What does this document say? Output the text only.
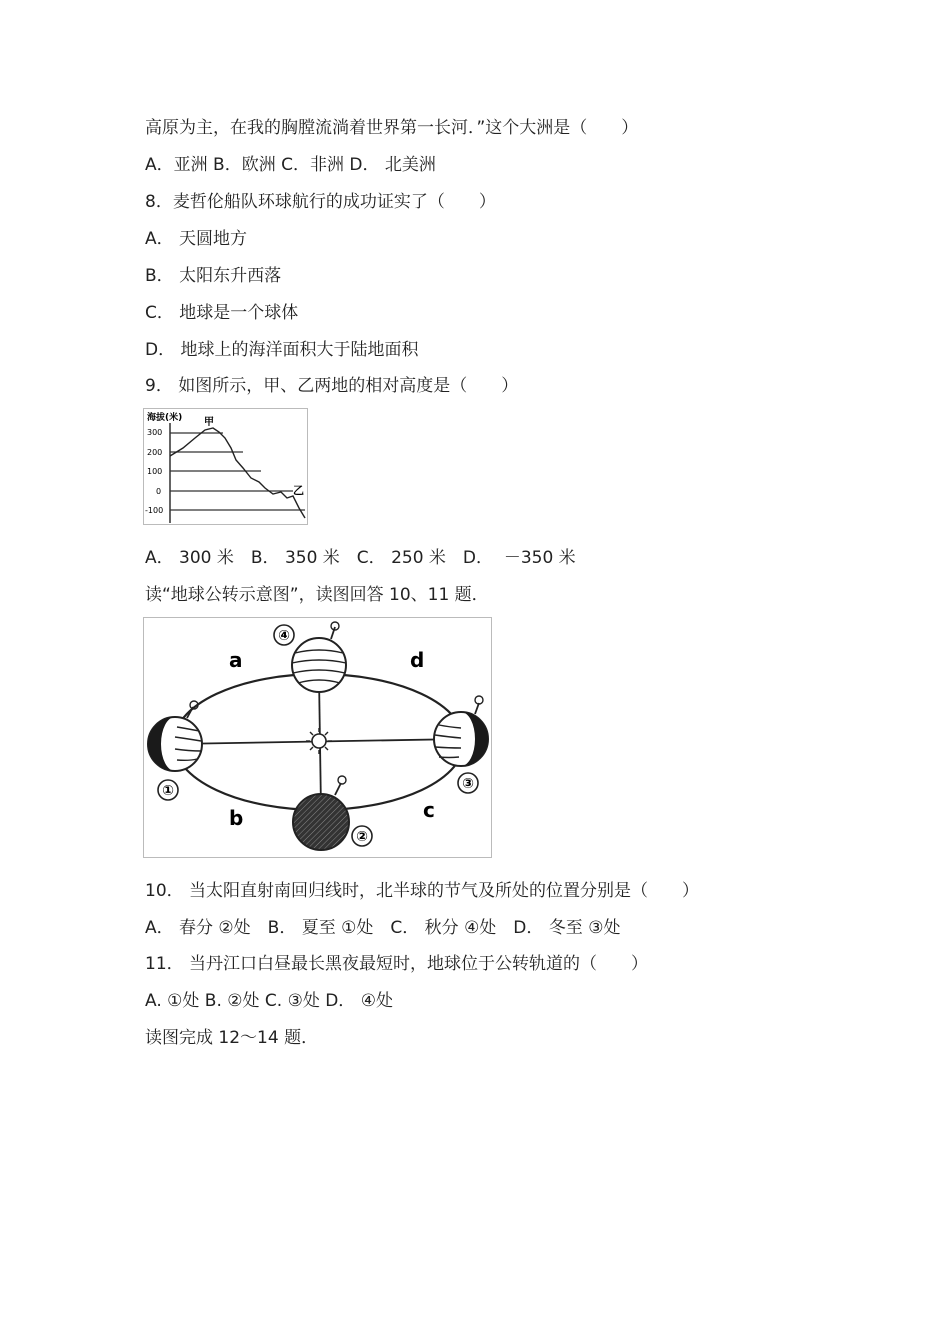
高原为主，在我的胸膛流淌着世界第一长河．”这个大洲是（　　）
A．亚洲 B．欧洲 C．非洲 D． 北美洲
8．麦哲伦船队环球航行的成功证实了（　　）
A． 天圆地方
B． 太阳东升西落
C． 地球是一个球体
D． 地球上的海洋面积大于陆地面积
9． 如图所示，甲、乙两地的相对高度是（　　）
海拔(米)
300
200
100
0
-100
甲
乙
A． 300 米　B． 350 米　C． 250 米　D．  －350 米
读“地球公转示意图”，读图回答 10、11 题．
④
①	③
②
a	d
b	c
10． 当太阳直射南回归线时，北半球的节气及所处的位置分别是（　　）
A． 春分 ②处　B． 夏至 ①处　C． 秋分 ④处　D． 冬至 ③处
11． 当丹江口白昼最长黑夜最短时，地球位于公转轨道的（　　）
A. ①处 B. ②处 C. ③处 D． ④处
读图完成 12～14 题．
